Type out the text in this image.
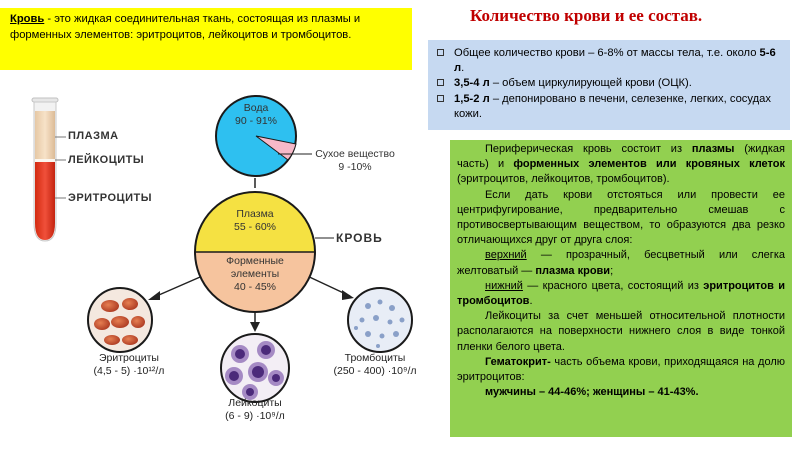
Кровь - это жидкая соединительная ткань, состоящая из плазмы и форменных элементов: эритроцитов, лейкоцитов и тромбоцитов.
Количество крови и ее состав.
Общее количество крови – 6-8% от массы тела, т.е. около 5-6 л.
3,5-4 л – объем циркулирующей крови (ОЦК).
1,5-2 л – депонировано в печени, селезенке, легких, сосудах кожи.
ПЛАЗМА
ЛЕЙКОЦИТЫ
ЭРИТРОЦИТЫ
Вода
90 - 91%
Сухое вещество
9 -10%
Плазма
55 - 60%
Форменные
элементы
40 - 45%
КРОВЬ
Эритроциты
(4,5 - 5) ·10¹²/л
Лейкоциты
(6 - 9) ·10⁹/л
Тромбоциты
(250 - 400) ·10⁹/л

Периферическая кровь состоит из плазмы (жидкая часть) и форменных элементов или кровяных клеток (эритроцитов, лейкоцитов, тромбоцитов).

Если дать крови отстояться или провести ее центрифугирование, предварительно смешав с противосвертывающим веществом, то образуются два резко отличающихся друг от друга слоя:

верхний — прозрачный, бесцветный или слегка желтоватый — плазма крови;

нижний — красного цвета, состоящий из эритроцитов и тромбоцитов.

Лейкоциты за счет меньшей относительной плотности располагаются на поверхности нижнего слоя в виде тонкой пленки белого цвета.

Гематокрит- часть объема крови, приходящаяся на долю эритроцитов:

мужчины – 44-46%; женщины – 41-43%.
